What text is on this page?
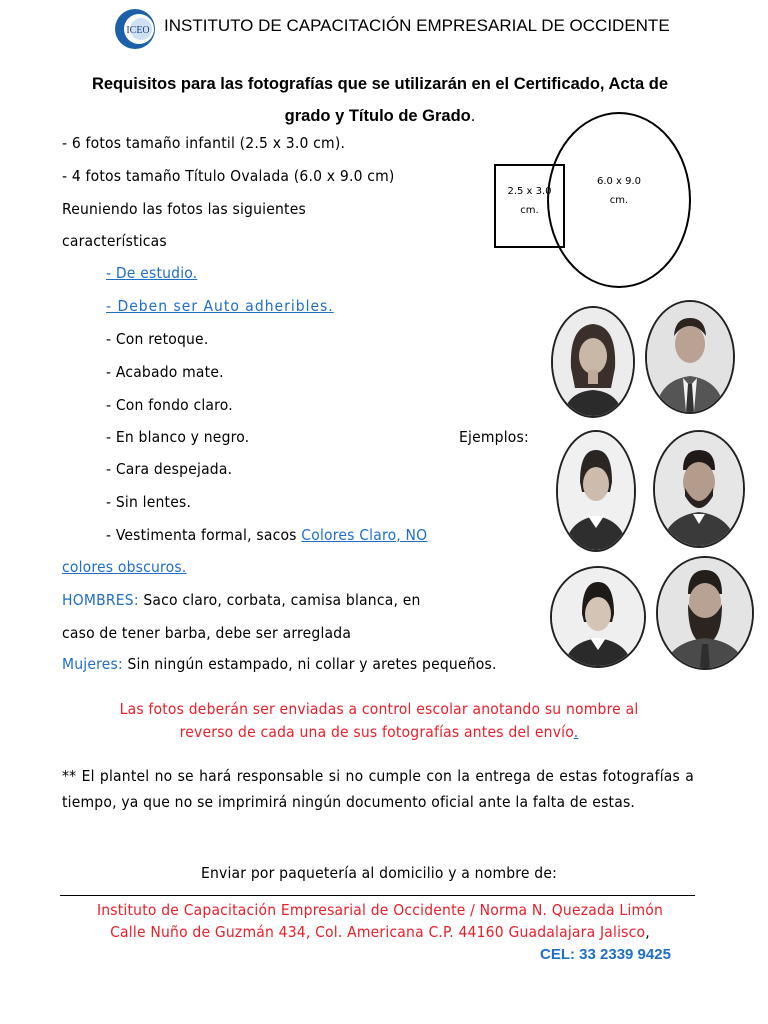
ICEO INSTITUTO DE CAPACITACIÓN EMPRESARIAL DE OCCIDENTE
Requisitos para las fotografías que se utilizarán en el Certificado, Acta de
grado y Título de Grado.
- 6 fotos tamaño infantil (2.5 x 3.0 cm).
- 4 fotos tamaño Título Ovalada (6.0 x 9.0 cm)
Reuniendo las fotos las siguientes
características
- De estudio.
- Deben ser Auto adheribles.
- Con retoque.
- Acabado mate.
- Con fondo claro.
- En blanco y negro.	Ejemplos:
- Cara despejada.
- Sin lentes.
- Vestimenta formal, sacos Colores Claro, NO
colores obscuros.
HOMBRES: Saco claro, corbata, camisa blanca, en
caso de tener barba, debe ser arreglada
Mujeres: Sin ningún estampado, ni collar y aretes pequeños.
2.5 x 3.0 cm.
6.0 x 9.0 cm.
Las fotos deberán ser enviadas a control escolar anotando su nombre al
reverso de cada una de sus fotografías antes del envío.
** El plantel no se hará responsable si no cumple con la entrega de estas fotografías a tiempo, ya que no se imprimirá ningún documento oficial ante la falta de estas.
Enviar por paquetería al domicilio y a nombre de:
Instituto de Capacitación Empresarial de Occidente / Norma N. Quezada Limón
Calle Nuño de Guzmán 434, Col. Americana C.P. 44160 Guadalajara Jalisco,
CEL: 33 2339 9425
